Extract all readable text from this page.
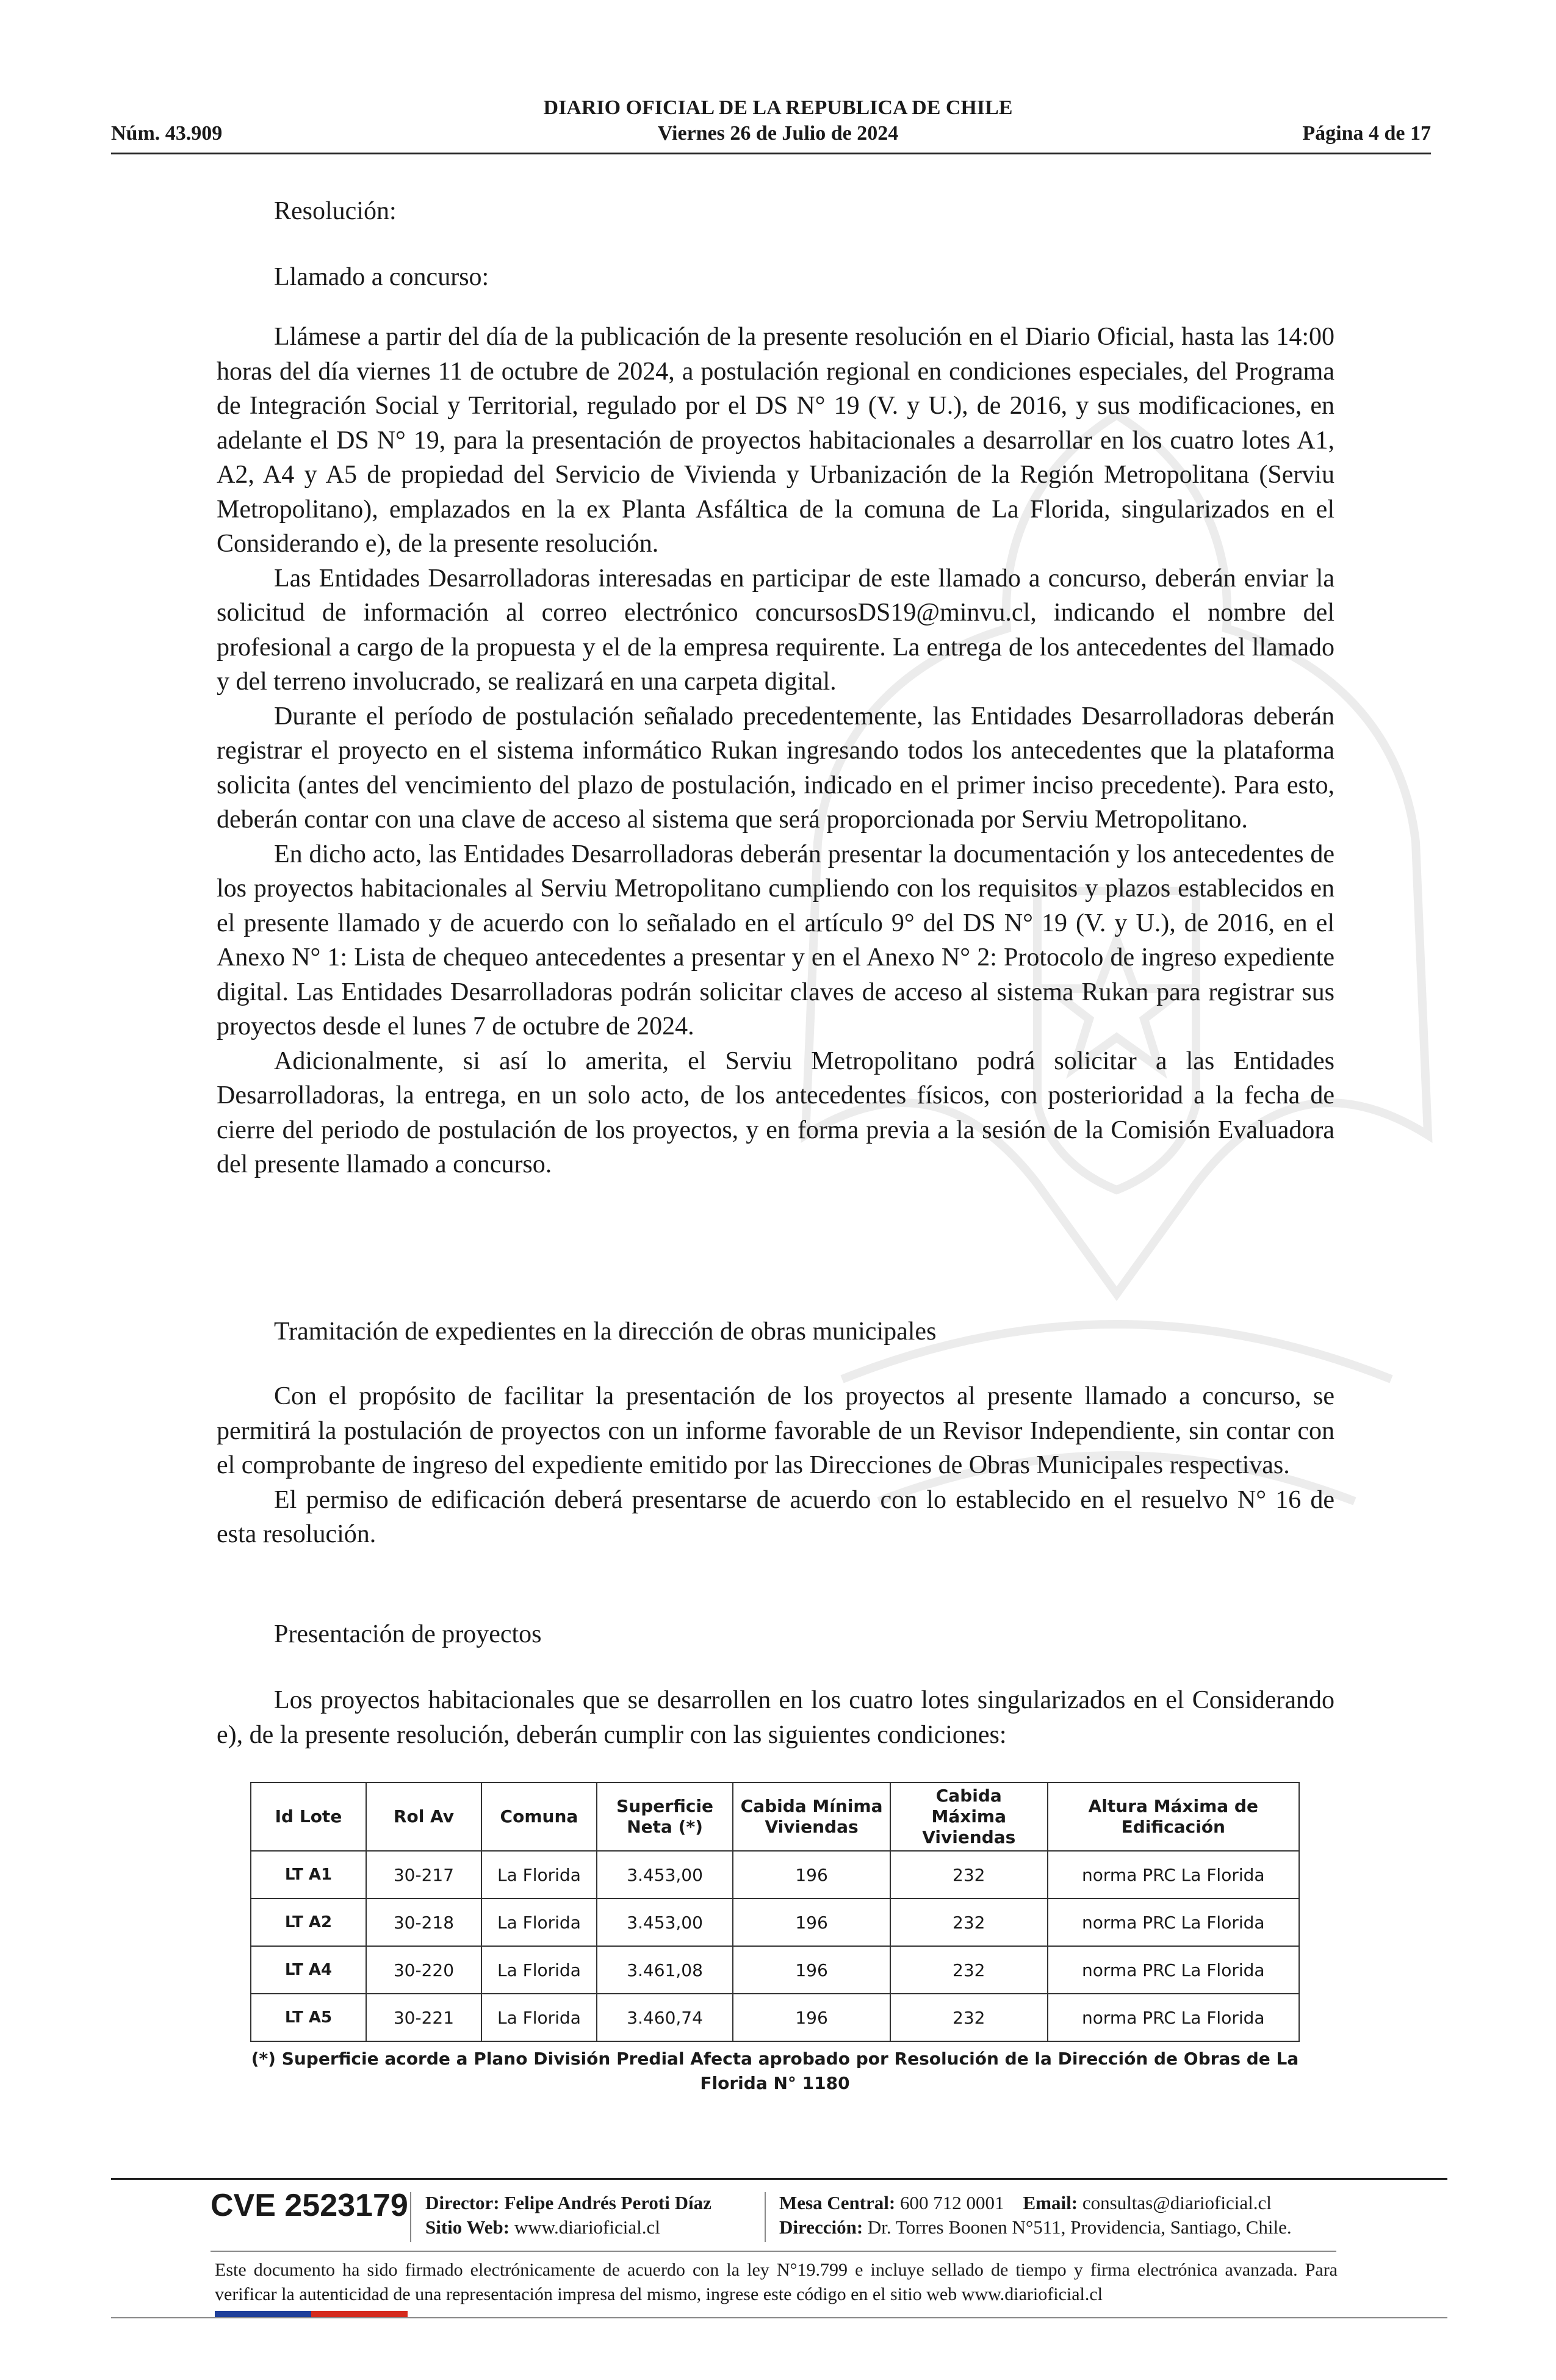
Núm. 43.909
DIARIO OFICIAL DE LA REPUBLICA DE CHILE
Viernes 26 de Julio de 2024	Página 4 de 17
Resolución:
Llamado a concurso:

Llámese a partir del día de la publicación de la presente resolución en el Diario Oficial, hasta las 14:00 horas del día viernes 11 de octubre de 2024, a postulación regional en condiciones especiales, del Programa de Integración Social y Territorial, regulado por el DS N° 19 (V. y U.), de 2016, y sus modificaciones, en adelante el DS N° 19, para la presentación de proyectos habitacionales a desarrollar en los cuatro lotes A1, A2, A4 y A5 de propiedad del Servicio de Vivienda y Urbanización de la Región Metropolitana (Serviu Metropolitano), emplazados en la ex Planta Asfáltica de la comuna de La Florida, singularizados en el Considerando e), de la presente resolución.

Las Entidades Desarrolladoras interesadas en participar de este llamado a concurso, deberán enviar la solicitud de información al correo electrónico concursosDS19@minvu.cl, indicando el nombre del profesional a cargo de la propuesta y el de la empresa requirente. La entrega de los antecedentes del llamado y del terreno involucrado, se realizará en una carpeta digital.

Durante el período de postulación señalado precedentemente, las Entidades Desarrolladoras deberán registrar el proyecto en el sistema informático Rukan ingresando todos los antecedentes que la plataforma solicita (antes del vencimiento del plazo de postulación, indicado en el primer inciso precedente). Para esto, deberán contar con una clave de acceso al sistema que será proporcionada por Serviu Metropolitano.

En dicho acto, las Entidades Desarrolladoras deberán presentar la documentación y los antecedentes de los proyectos habitacionales al Serviu Metropolitano cumpliendo con los requisitos y plazos establecidos en el presente llamado y de acuerdo con lo señalado en el artículo 9° del DS N° 19 (V. y U.), de 2016, en el Anexo N° 1: Lista de chequeo antecedentes a presentar y en el Anexo N° 2: Protocolo de ingreso expediente digital. Las Entidades Desarrolladoras podrán solicitar claves de acceso al sistema Rukan para registrar sus proyectos desde el lunes 7 de octubre de 2024.

Adicionalmente, si así lo amerita, el Serviu Metropolitano podrá solicitar a las Entidades Desarrolladoras, la entrega, en un solo acto, de los antecedentes físicos, con posterioridad a la fecha de cierre del periodo de postulación de los proyectos, y en forma previa a la sesión de la Comisión Evaluadora del presente llamado a concurso.

Tramitación de expedientes en la dirección de obras municipales

Con el propósito de facilitar la presentación de los proyectos al presente llamado a concurso, se permitirá la postulación de proyectos con un informe favorable de un Revisor Independiente, sin contar con el comprobante de ingreso del expediente emitido por las Direcciones de Obras Municipales respectivas.

El permiso de edificación deberá presentarse de acuerdo con lo establecido en el resuelvo N° 16 de esta resolución.

Presentación de proyectos

Los proyectos habitacionales que se desarrollen en los cuatro lotes singularizados en el Considerando e), de la presente resolución, deberán cumplir con las siguientes condiciones:

Id Lote	Rol Av	Comuna	Superficie Neta (*)	Cabida Mínima Viviendas	Cabida Máxima Viviendas	Altura Máxima de Edificación
LT A1	30-217	La Florida	3.453,00	196	232	norma PRC La Florida
LT A2	30-218	La Florida	3.453,00	196	232	norma PRC La Florida
LT A4	30-220	La Florida	3.461,08	196	232	norma PRC La Florida
LT A5	30-221	La Florida	3.460,74	196	232	norma PRC La Florida
(*) Superficie acorde a Plano División Predial Afecta aprobado por Resolución de la Dirección de Obras de La Florida N° 1180
CVE 2523179 Director: Felipe Andrés Peroti Díaz
Sitio Web: www.diarioficial.cl
Mesa Central: 600 712 0001 Email: consultas@diarioficial.cl
Dirección: Dr. Torres Boonen N°511, Providencia, Santiago, Chile.
Este documento ha sido firmado electrónicamente de acuerdo con la ley N°19.799 e incluye sellado de tiempo y firma electrónica avanzada. Para verificar la autenticidad de una representación impresa del mismo, ingrese este código en el sitio web www.diarioficial.cl
